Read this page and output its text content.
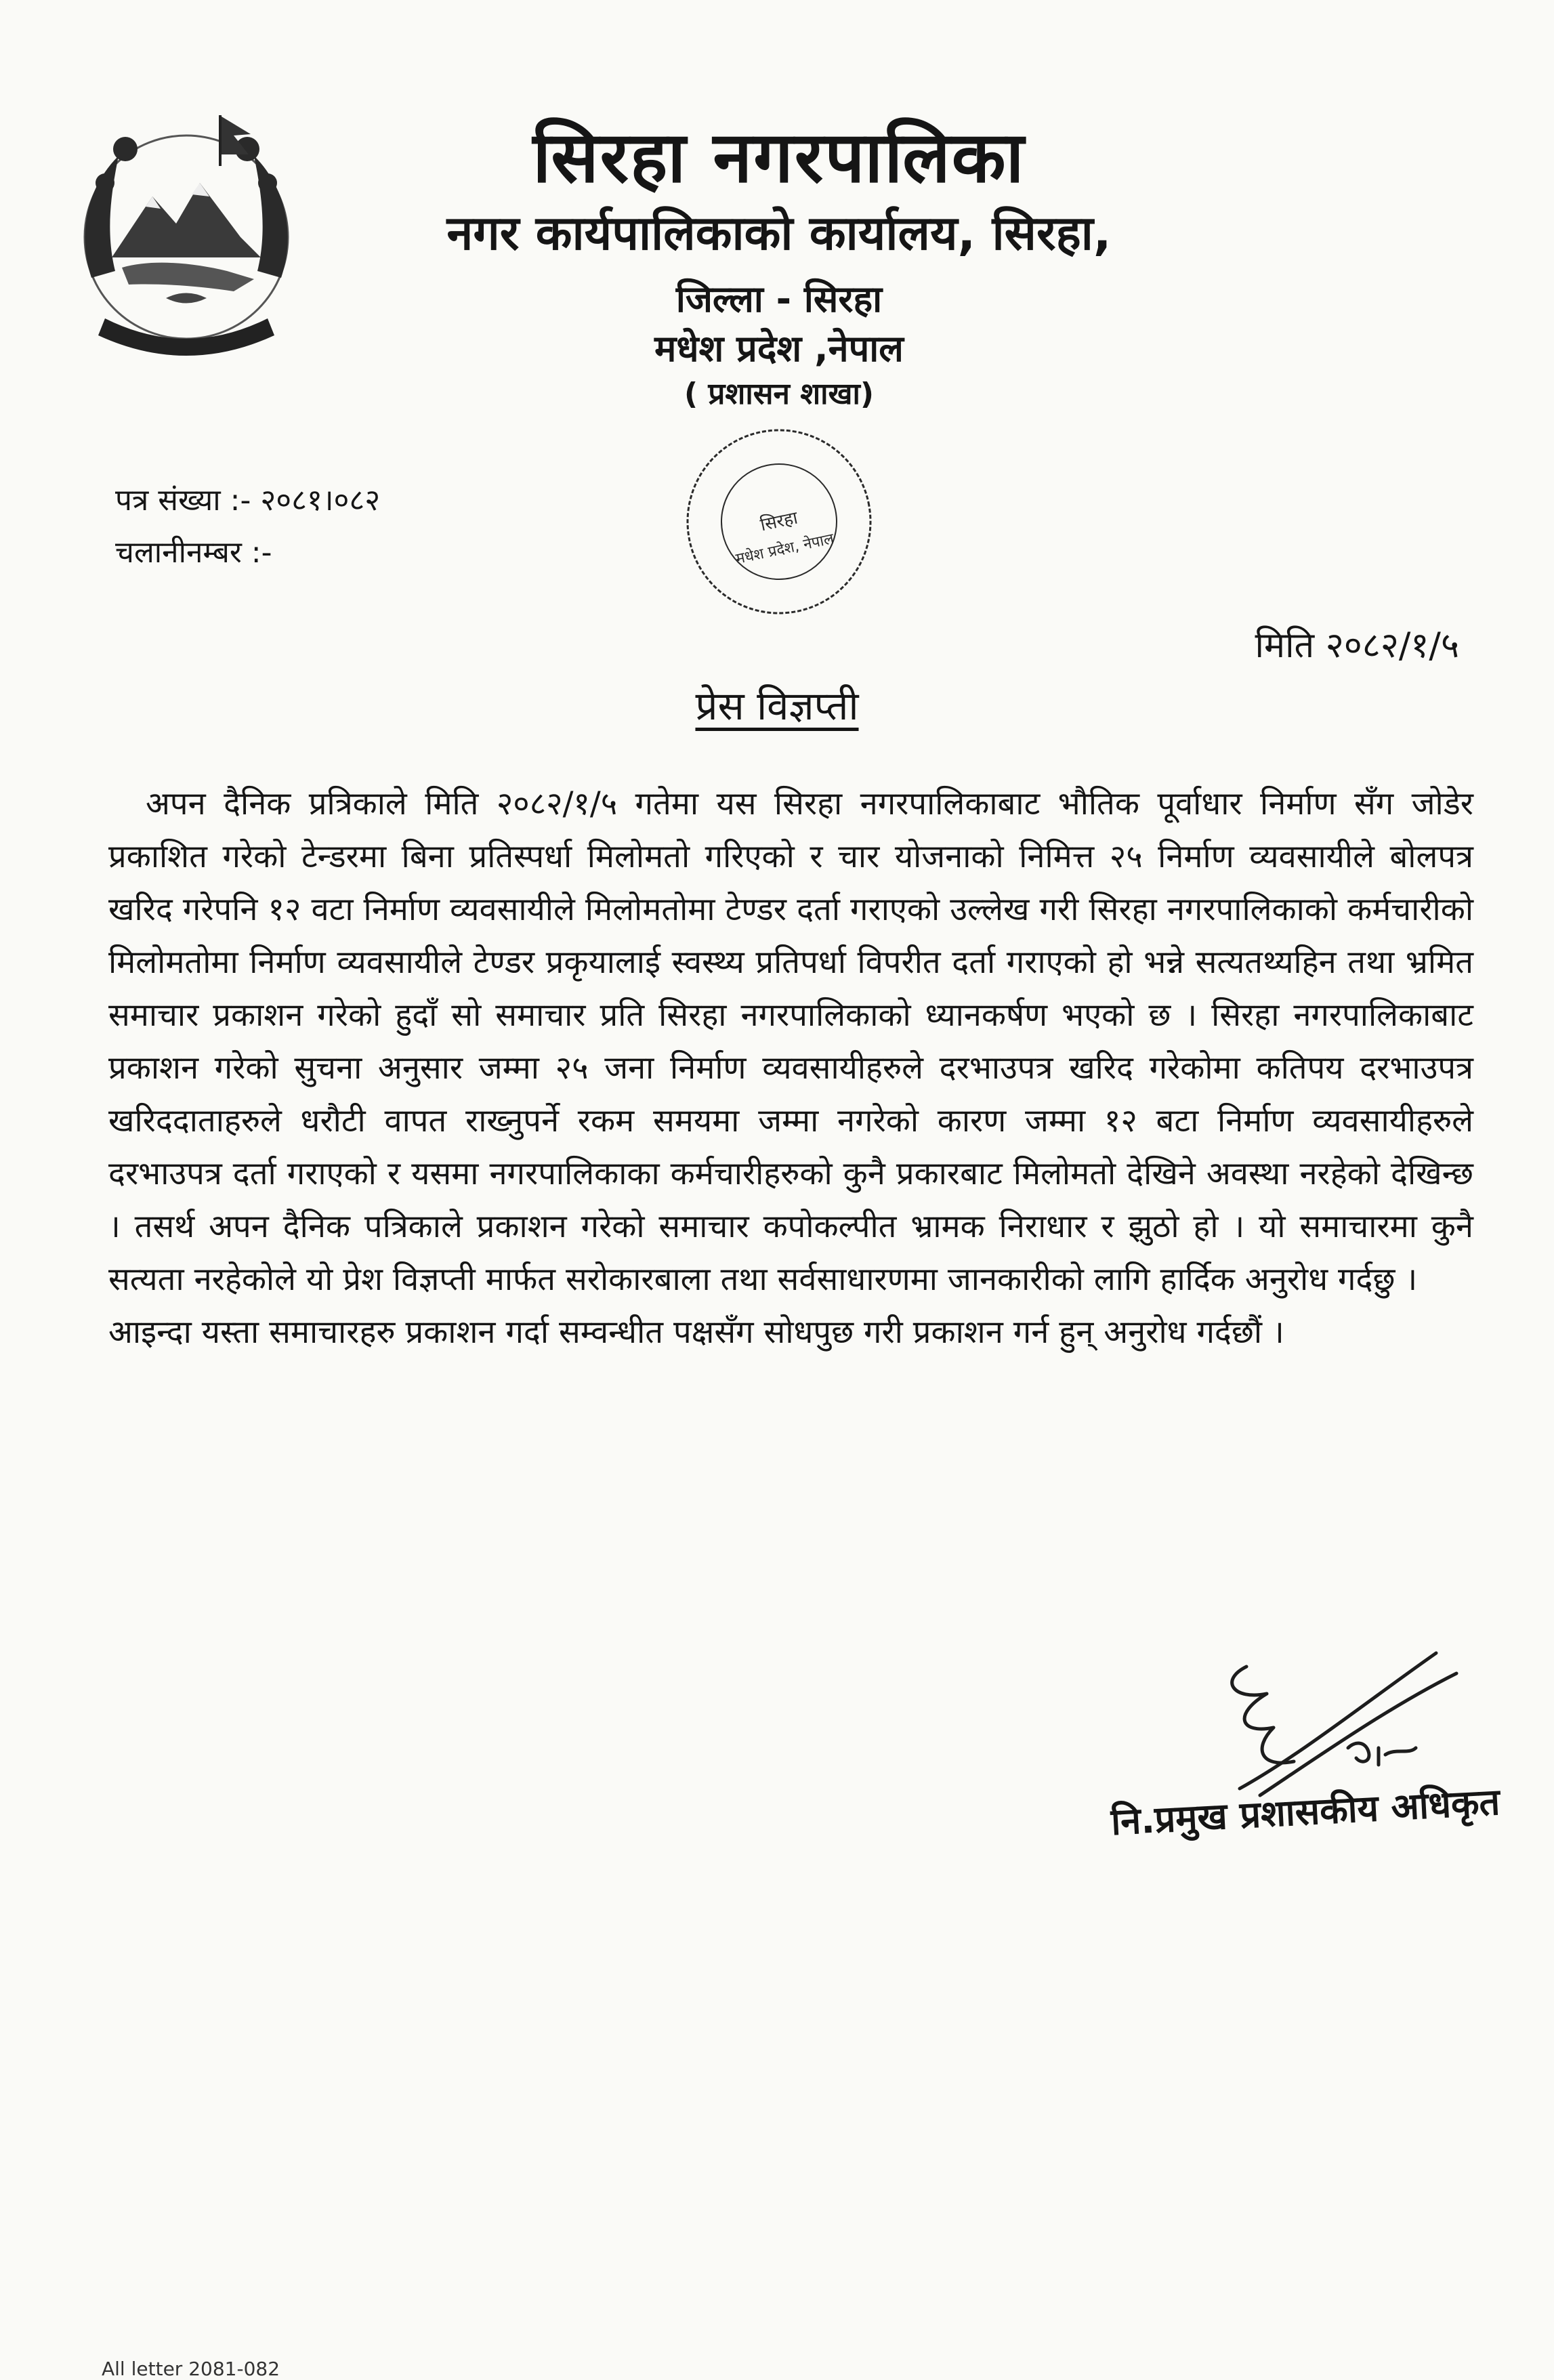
सिरहा नगरपालिका
नगर कार्यपालिकाको कार्यालय, सिरहा,
जिल्ला - सिरहा
मधेश प्रदेश ,नेपाल
( प्रशासन शाखा)
सिरहा
मधेश प्रदेश, नेपाल
पत्र संख्या :- २०८१।०८२
चलानीनम्बर :-
मिति २०८२/१/५
प्रेस विज्ञप्ती

अपन दैनिक प्रत्रिकाले मिति २०८२/१/५ गतेमा यस सिरहा नगरपालिकाबाट भौतिक पूर्वाधार निर्माण सँग जोडेर प्रकाशित गरेको टेन्डरमा बिना प्रतिस्पर्धा मिलोमतो गरिएको र चार योजनाको निमित्त २५ निर्माण व्यवसायीले बोलपत्र खरिद गरेपनि १२ वटा निर्माण व्यवसायीले मिलोमतोमा टेण्डर दर्ता गराएको उल्लेख गरी सिरहा नगरपालिकाको कर्मचारीको मिलोमतोमा निर्माण व्यवसायीले टेण्डर प्रकृयालाई स्वस्थ्य प्रतिपर्धा विपरीत दर्ता गराएको हो भन्ने सत्यतथ्यहिन तथा भ्रमित समाचार प्रकाशन गरेको हुदाँ सो समाचार प्रति सिरहा नगरपालिकाको ध्यानकर्षण भएको छ । सिरहा नगरपालिकाबाट प्रकाशन गरेको सुचना अनुसार जम्मा २५ जना निर्माण व्यवसायीहरुले दरभाउपत्र खरिद गरेकोमा कतिपय दरभाउपत्र खरिददाताहरुले धरौटी वापत राख्नुपर्ने रकम समयमा जम्मा नगरेको कारण जम्मा १२ बटा निर्माण व्यवसायीहरुले दरभाउपत्र दर्ता गराएको र यसमा नगरपालिकाका कर्मचारीहरुको कुनै प्रकारबाट मिलोमतो देखिने अवस्था नरहेको देखिन्छ । तसर्थ अपन दैनिक पत्रिकाले प्रकाशन गरेको समाचार कपोकल्पीत भ्रामक निराधार र झुठो हो । यो समाचारमा कुनै सत्यता नरहेकोले यो प्रेश विज्ञप्ती मार्फत सरोकारबाला तथा सर्वसाधारणमा जानकारीको लागि हार्दिक अनुरोध गर्दछु ।

आइन्दा यस्ता समाचारहरु प्रकाशन गर्दा सम्वन्धीत पक्षसँग सोधपुछ गरी प्रकाशन गर्न हुन् अनुरोध गर्दछौं ।

नि.प्रमुख प्रशासकीय अधिकृत
All letter 2081-082
